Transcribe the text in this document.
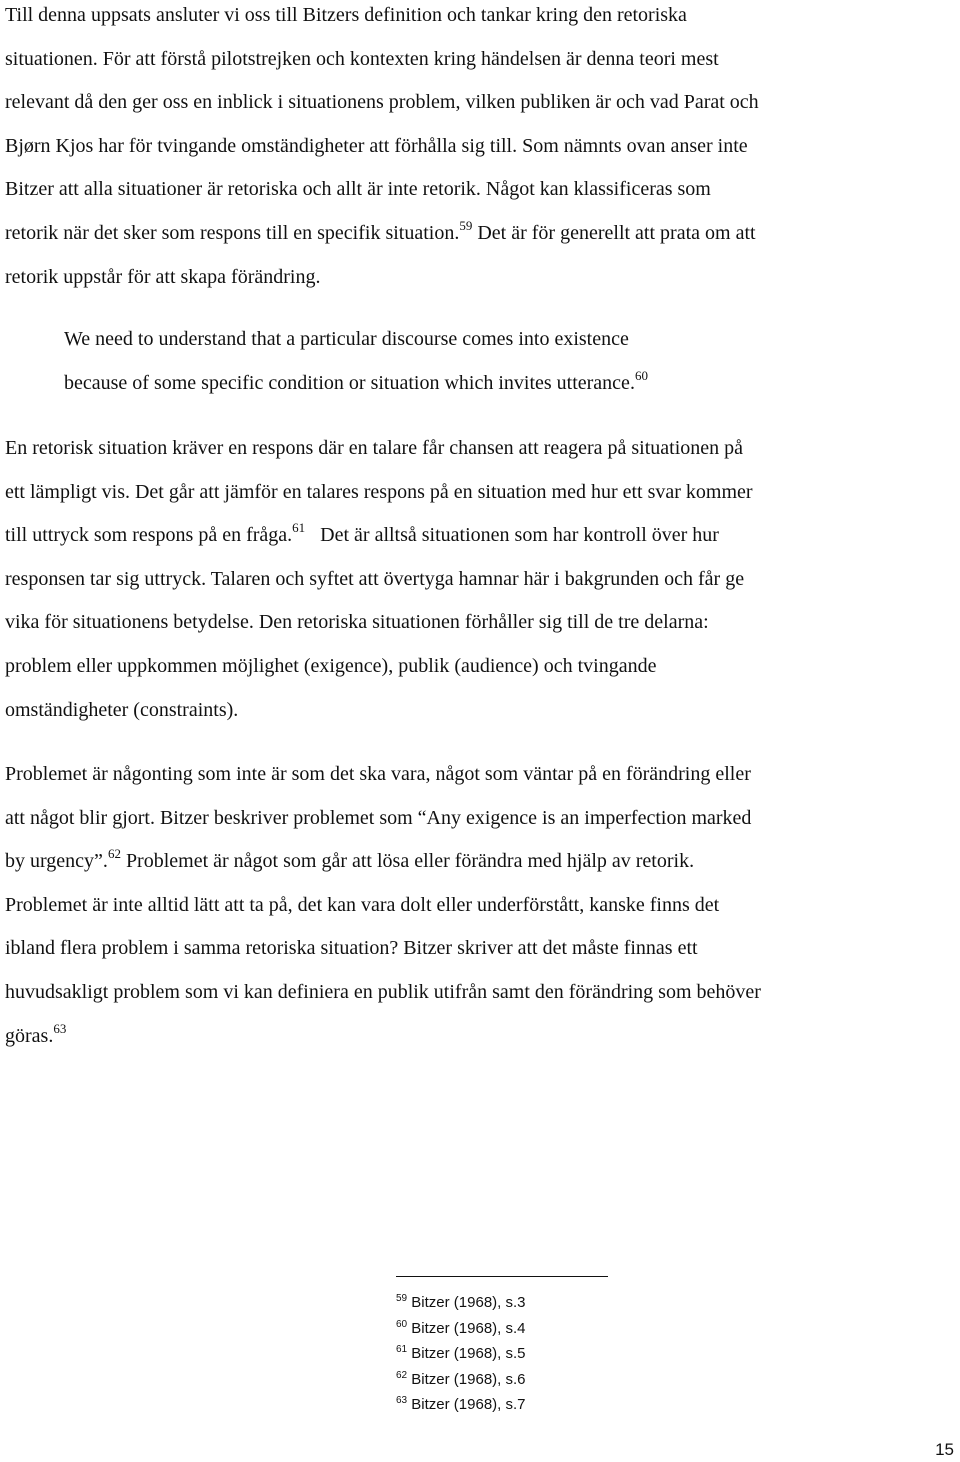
Till denna uppsats ansluter vi oss till Bitzers definition och tankar kring den retoriska
situationen. För att förstå pilotstrejken och kontexten kring händelsen är denna teori mest
relevant då den ger oss en inblick i situationens problem, vilken publiken är och vad Parat och
Bjørn Kjos har för tvingande omständigheter att förhålla sig till. Som nämnts ovan anser inte
Bitzer att alla situationer är retoriska och allt är inte retorik. Något kan klassificeras som
retorik när det sker som respons till en specifik situation.$^{59}$ Det är för generellt att prata om att
retorik uppstår för att skapa förändring.

We need to understand that a particular discourse comes into existence
because of some specific condition or situation which invites utterance.$^{60}$

En retorisk situation kräver en respons där en talare får chansen att reagera på situationen på
ett lämpligt vis. Det går att jämför en talares respons på en situation med hur ett svar kommer
till uttryck som respons på en fråga.$^{61}$ Det är alltså situationen som har kontroll över hur
responsen tar sig uttryck. Talaren och syftet att övertyga hamnar här i bakgrunden och får ge
vika för situationens betydelse. Den retoriska situationen förhåller sig till de tre delarna:
problem eller uppkommen möjlighet (exigence), publik (audience) och tvingande
omständigheter (constraints).

Problemet är någonting som inte är som det ska vara, något som väntar på en förändring eller
att något blir gjort. Bitzer beskriver problemet som “Any exigence is an imperfection marked
by urgency”.$^{62}$ Problemet är något som går att lösa eller förändra med hjälp av retorik.
Problemet är inte alltid lätt att ta på, det kan vara dolt eller underförstått, kanske finns det
ibland flera problem i samma retoriska situation? Bitzer skriver att det måste finnas ett
huvudsakligt problem som vi kan definiera en publik utifrån samt den förändring som behöver
göras.$^{63}$

$^{59}$ Bitzer (1968), s.3
$^{60}$ Bitzer (1968), s.4
$^{61}$ Bitzer (1968), s.5
$^{62}$ Bitzer (1968), s.6
$^{63}$ Bitzer (1968), s.7
15
